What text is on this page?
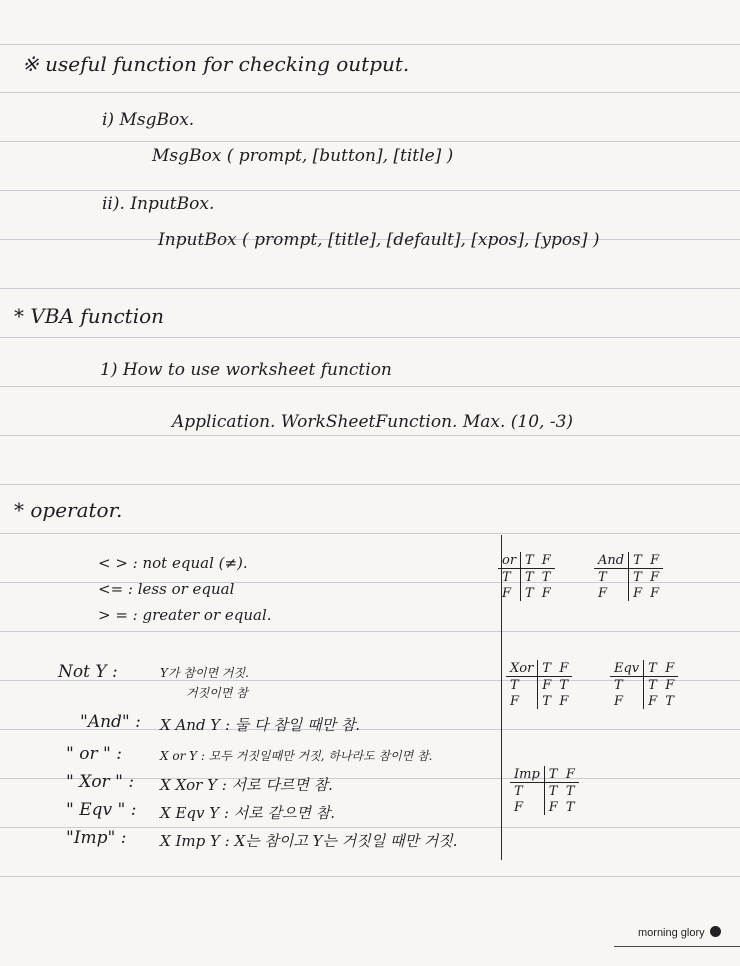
※ useful function for checking output.
i) MsgBox.
MsgBox ( prompt, [button], [title] )
ii). InputBox.
InputBox ( prompt, [title], [default], [xpos], [ypos] )
* VBA function
1) How to use worksheet function
Application. WorkSheetFunction. Max. (10, -3)
* operator.
< > : not equal (≠).
<= : less or equal
> = : greater or equal.
Not Y :	Y가 참이면 거짓.
거짓이면 참
"And" : X And Y : 둘 다 참일 때만 참.
" or " :	X or Y : 모두 거짓일때만 거짓, 하나라도 참이면 참.
" Xor " : X Xor Y : 서로 다르면 참.
" Eqv " : X Eqv Y : 서로 같으면 참.
"Imp" : X Imp Y : X는 참이고 Y는 거짓일 때만 거짓.
or	T	F
T	T	T
F	T	F
And	T	F
T	T	F
F	F	F
Xor	T	F
T	F	T
F	T	F
Eqv	T	F
T	T	F
F	F	T
Imp	T	F
T	T	T
F	F	T
morning glory
